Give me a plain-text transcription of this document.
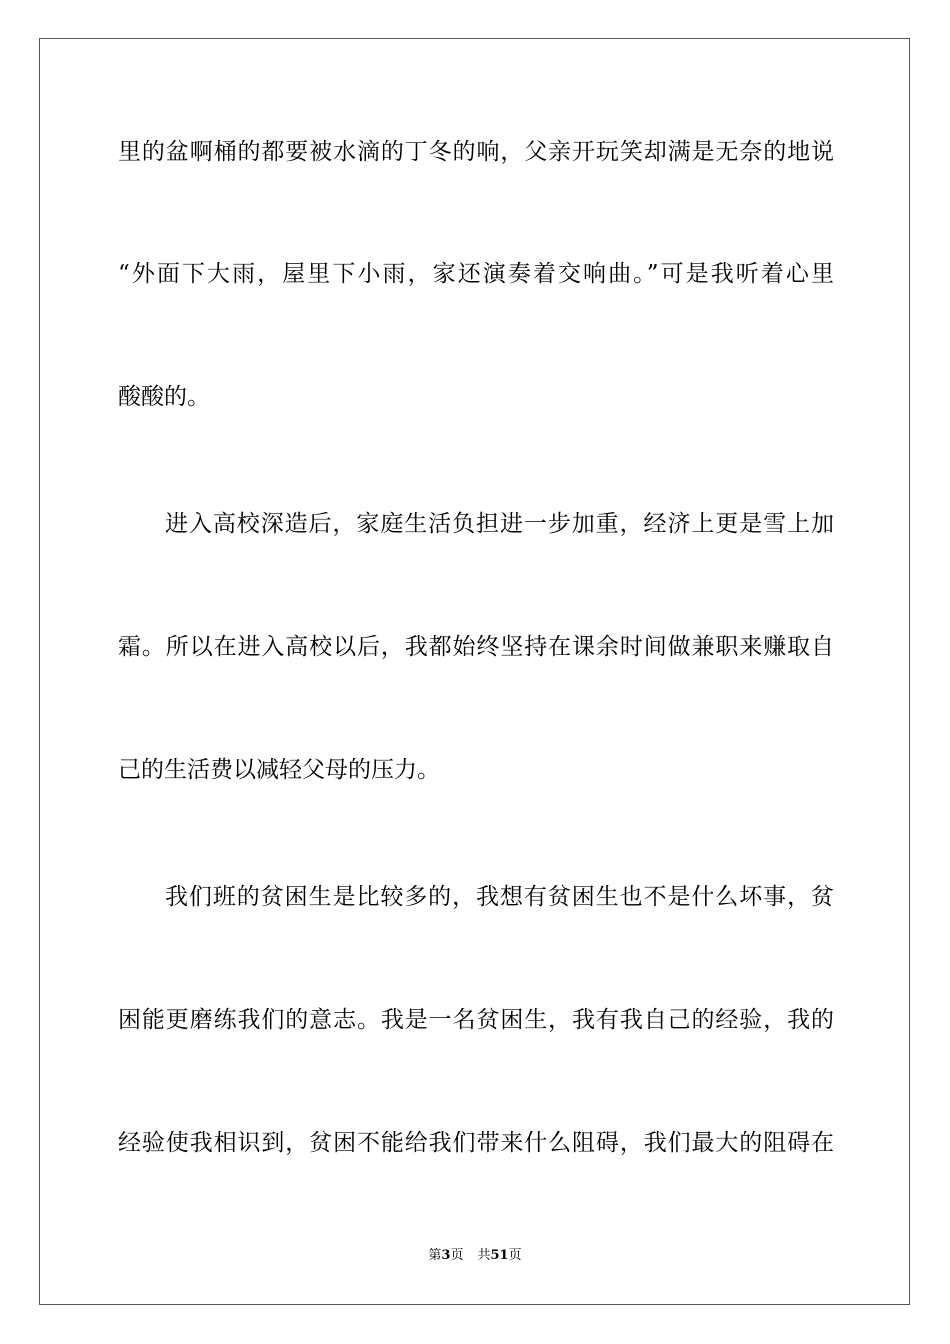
里的盆啊桶的都要被水滴的丁冬的响，父亲开玩笑却满是无奈的地说
“外面下大雨，屋里下小雨，家还演奏着交响曲。”可是我听着心里
酸酸的。
进入高校深造后，家庭生活负担进一步加重，经济上更是雪上加
霜。所以在进入高校以后，我都始终坚持在课余时间做兼职来赚取自
己的生活费以减轻父母的压力。
我们班的贫困生是比较多的，我想有贫困生也不是什么坏事，贫
困能更磨练我们的意志。我是一名贫困生，我有我自己的经验，我的
经验使我相识到，贫困不能给我们带来什么阻碍，我们最大的阻碍在
第3页 共51页
